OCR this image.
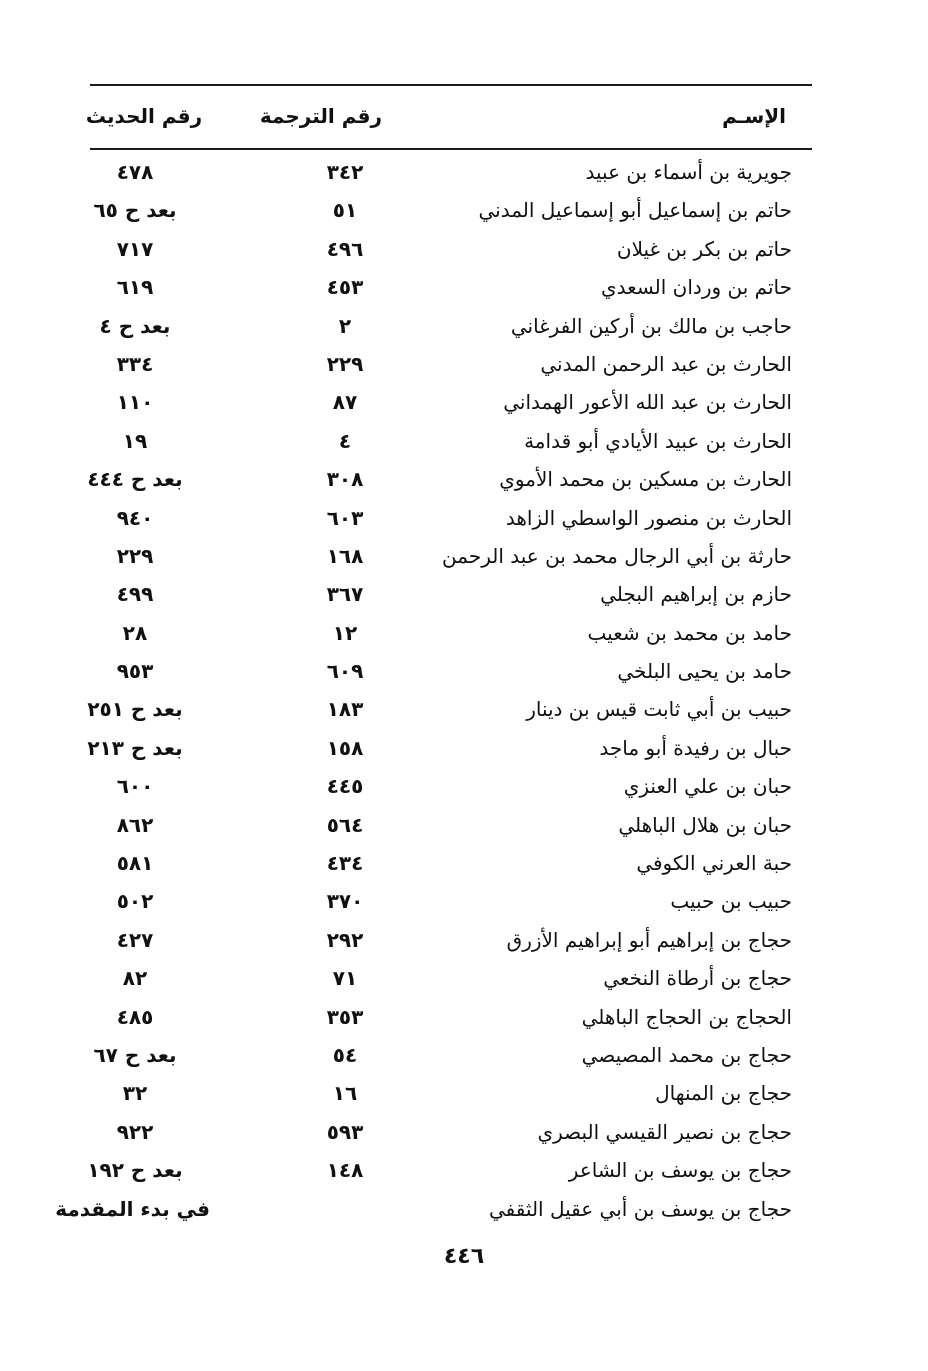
الإسـم
رقم الترجمة
رقم الحديث
جويرية بن أسماء بن عبيد
٣٤٢
٤٧٨
حاتم بن إسماعيل أبو إسماعيل المدني
٥١
بعد ح ٦٥
حاتم بن بكر بن غيلان
٤٩٦
٧١٧
حاتم بن وردان السعدي
٤٥٣
٦١٩
حاجب بن مالك بن أركين الفرغاني
٢
بعد ح ٤
الحارث بن عبد الرحمن المدني
٢٢٩
٣٣٤
الحارث بن عبد الله الأعور الهمداني
٨٧
١١٠
الحارث بن عبيد الأيادي أبو قدامة
٤
١٩
الحارث بن مسكين بن محمد الأموي
٣٠٨
بعد ح ٤٤٤
الحارث بن منصور الواسطي الزاهد
٦٠٣
٩٤٠
حارثة بن أبي الرجال محمد بن عبد الرحمن
١٦٨
٢٢٩
حازم بن إبراهيم البجلي
٣٦٧
٤٩٩
حامد بن محمد بن شعيب
١٢
٢٨
حامد بن يحيى البلخي
٦٠٩
٩٥٣
حبيب بن أبي ثابت قيس بن دينار
١٨٣
بعد ح ٢٥١
حبال بن رفيدة أبو ماجد
١٥٨
بعد ح ٢١٣
حبان بن علي العنزي
٤٤٥
٦٠٠
حبان بن هلال الباهلي
٥٦٤
٨٦٢
حبة العرني الكوفي
٤٣٤
٥٨١
حبيب بن حبيب
٣٧٠
٥٠٢
حجاج بن إبراهيم أبو إبراهيم الأزرق
٢٩٢
٤٢٧
حجاج بن أرطاة النخعي
٧١
٨٢
الحجاج بن الحجاج الباهلي
٣٥٣
٤٨٥
حجاج بن محمد المصيصي
٥٤
بعد ح ٦٧
حجاج بن المنهال
١٦
٣٢
حجاج بن نصير القيسي البصري
٥٩٣
٩٢٢
حجاج بن يوسف بن الشاعر
١٤٨
بعد ح ١٩٢
حجاج بن يوسف بن أبي عقيل الثقفي
في بدء المقدمة
٤٤٦
